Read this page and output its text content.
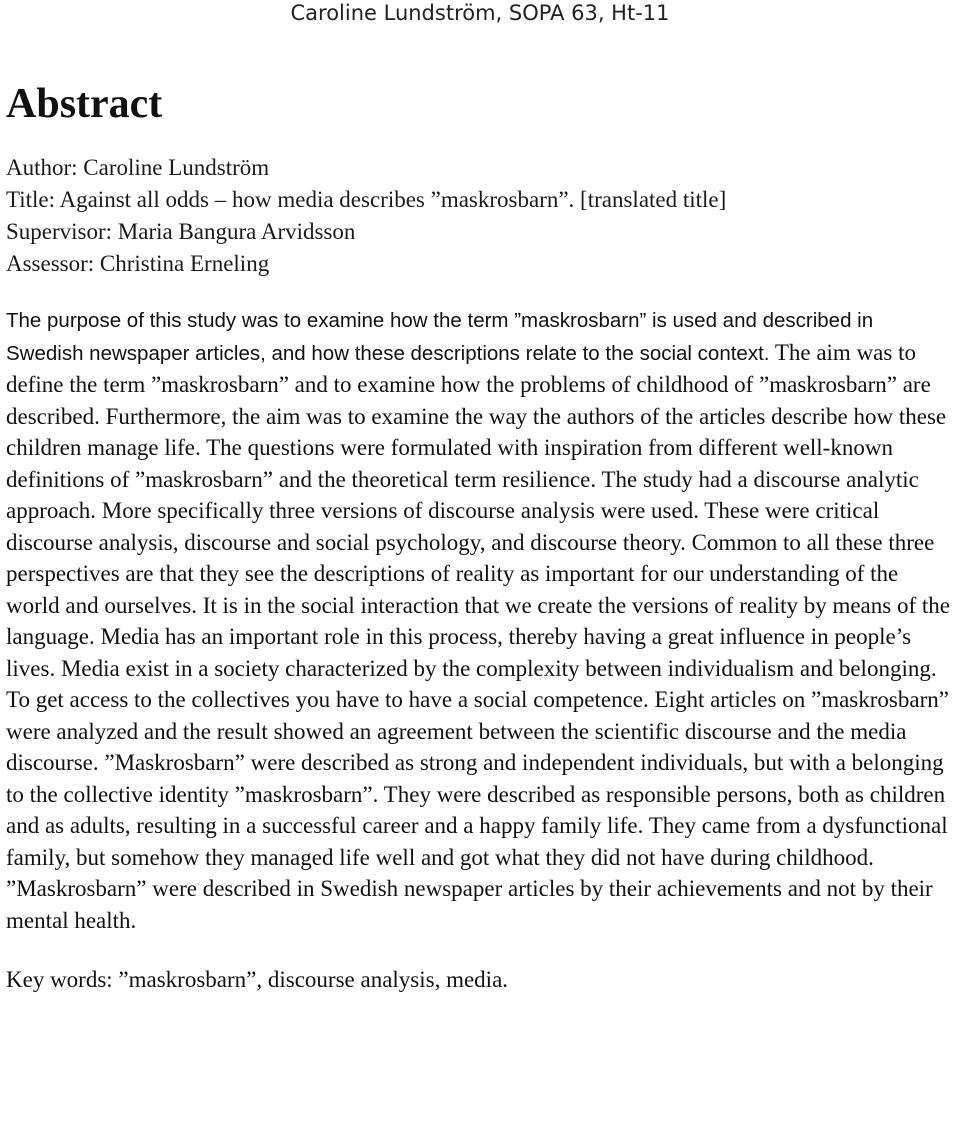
Caroline Lundström, SOPA 63, Ht-11
Abstract
Author: Caroline Lundström
Title: Against all odds – how media describes ”maskrosbarn”. [translated title]
Supervisor: Maria Bangura Arvidsson
Assessor: Christina Erneling
The purpose of this study was to examine how the term ”maskrosbarn” is used and described in Swedish newspaper articles, and how these descriptions relate to the social context. The aim was to define the term ”maskrosbarn” and to examine how the problems of childhood of ”maskrosbarn” are described. Furthermore, the aim was to examine the way the authors of the articles describe how these children manage life. The questions were formulated with inspiration from different well-known definitions of ”maskrosbarn” and the theoretical term resilience. The study had a discourse analytic approach. More specifically three versions of discourse analysis were used. These were critical discourse analysis, discourse and social psychology, and discourse theory. Common to all these three perspectives are that they see the descriptions of reality as important for our understanding of the world and ourselves. It is in the social interaction that we create the versions of reality by means of the language. Media has an important role in this process, thereby having a great influence in people’s lives. Media exist in a society characterized by the complexity between individualism and belonging. To get access to the collectives you have to have a social competence. Eight articles on ”maskrosbarn” were analyzed and the result showed an agreement between the scientific discourse and the media discourse. ”Maskrosbarn” were described as strong and independent individuals, but with a belonging to the collective identity ”maskrosbarn”. They were described as responsible persons, both as children and as adults, resulting in a successful career and a happy family life. They came from a dysfunctional family, but somehow they managed life well and got what they did not have during childhood. ”Maskrosbarn” were described in Swedish newspaper articles by their achievements and not by their mental health.
Key words: ”maskrosbarn”, discourse analysis, media.
